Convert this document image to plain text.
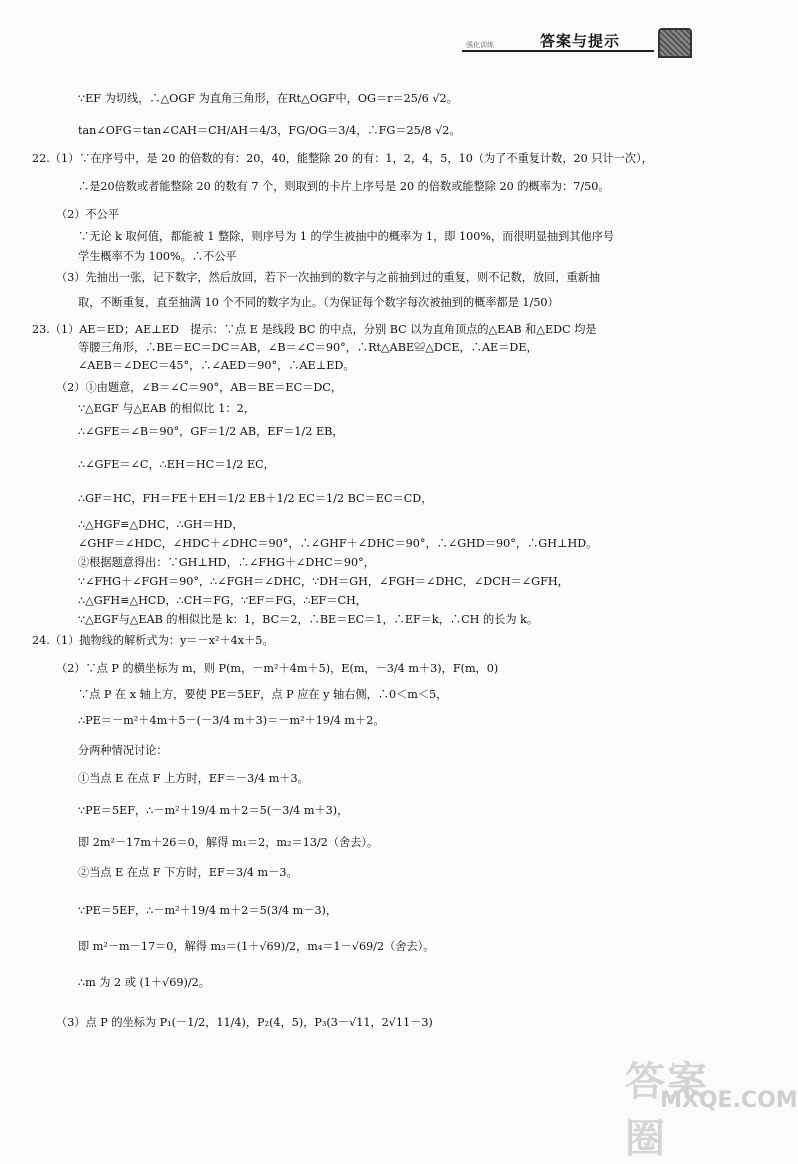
强化训练	答案与提示
∵EF 为切线，∴△OGF 为直角三角形，在Rt△OGF中，OG＝r＝25/6 √2。
tan∠OFG＝tan∠CAH＝CH/AH＝4/3，FG/OG＝3/4，∴FG＝25/8 √2。
22.（1）∵在序号中，是 20 的倍数的有：20，40，能整除 20 的有：1，2，4，5，10（为了不重复计数，20 只计一次），
∴是20倍数或者能整除 20 的数有 7 个，则取到的卡片上序号是 20 的倍数或能整除 20 的概率为：7/50。
（2）不公平
∵无论 k 取何值，都能被 1 整除，则序号为 1 的学生被抽中的概率为 1，即 100%，而很明显抽到其他序号
学生概率不为 100%。∴不公平
（3）先抽出一张，记下数字，然后放回，若下一次抽到的数字与之前抽到过的重复，则不记数，放回，重新抽
取，不断重复，直至抽满 10 个不同的数字为止。（为保证每个数字每次被抽到的概率都是 1/50）
23.（1）AE＝ED；AE⊥ED　提示：∵点 E 是线段 BC 的中点，分别 BC 以为直角顶点的△EAB 和△EDC 均是
等腰三角形，∴BE＝EC＝DC＝AB，∠B＝∠C＝90°，∴Rt△ABE≌△DCE，∴AE＝DE，
∠AEB＝∠DEC＝45°，∴∠AED＝90°，∴AE⊥ED。
（2）①由题意，∠B＝∠C＝90°，AB＝BE＝EC＝DC，
∵△EGF 与△EAB 的相似比 1：2，
∴∠GFE＝∠B＝90°，GF＝1/2 AB，EF＝1/2 EB，
∴∠GFE＝∠C，∴EH＝HC＝1/2 EC，
∴GF＝HC，FH＝FE＋EH＝1/2 EB＋1/2 EC＝1/2 BC＝EC＝CD，
∴△HGF≌△DHC，∴GH＝HD，
∠GHF＝∠HDC，∠HDC＋∠DHC＝90°，∴∠GHF＋∠DHC＝90°，∴∠GHD＝90°，∴GH⊥HD。
②根据题意得出：∵GH⊥HD，∴∠FHG＋∠DHC＝90°，
∵∠FHG＋∠FGH＝90°，∴∠FGH＝∠DHC，∵DH＝GH，∠FGH＝∠DHC，∠DCH＝∠GFH，
∴△GFH≌△HCD，∴CH＝FG，∵EF＝FG，∴EF＝CH，
∵△EGF与△EAB 的相似比是 k：1，BC＝2，∴BE＝EC＝1，∴EF＝k，∴CH 的长为 k。
24.（1）抛物线的解析式为：y＝－x²＋4x＋5。
（2）∵点 P 的横坐标为 m，则 P(m，－m²＋4m＋5)，E(m，－3/4 m＋3)，F(m，0)
∵点 P 在 x 轴上方，要使 PE＝5EF，点 P 应在 y 轴右侧，∴0＜m＜5，
∴PE＝－m²＋4m＋5－(－3/4 m＋3)＝－m²＋19/4 m＋2。
分两种情况讨论：
①当点 E 在点 F 上方时，EF＝－3/4 m＋3。
∵PE＝5EF，∴－m²＋19/4 m＋2＝5(－3/4 m＋3)，
即 2m²－17m＋26＝0，解得 m₁＝2，m₂＝13/2（舍去）。
②当点 E 在点 F 下方时，EF＝3/4 m－3。
∵PE＝5EF，∴－m²＋19/4 m＋2＝5(3/4 m－3)，
即 m²－m－17＝0，解得 m₃＝(1＋√69)/2，m₄＝1－√69/2（舍去）。
∴m 为 2 或 (1＋√69)/2。
（3）点 P 的坐标为 P₁(－1/2，11/4)，P₂(4，5)，P₃(3－√11，2√11－3)
答案圈
MXQE.COM
